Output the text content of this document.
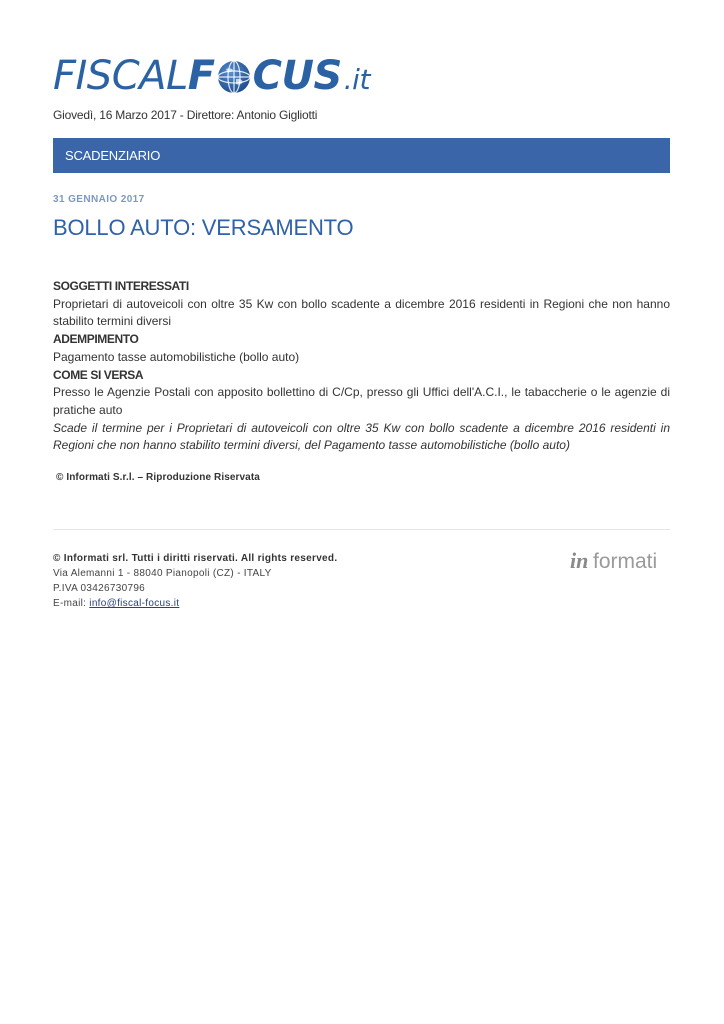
FISCAL F CUS .it
Giovedì, 16 Marzo 2017 - Direttore: Antonio Gigliotti
SCADENZIARIO
31 GENNAIO 2017
BOLLO AUTO: VERSAMENTO

SOGGETTI INTERESSATI

Proprietari di autoveicoli con oltre 35 Kw con bollo scadente a dicembre 2016 residenti in Regioni che non hanno stabilito termini diversi

ADEMPIMENTO

Pagamento tasse automobilistiche (bollo auto)

COME SI VERSA

Presso le Agenzie Postali con apposito bollettino di C/Cp, presso gli Uffici dell'A.C.I., le tabaccherie o le agenzie di pratiche auto

Scade il termine per i Proprietari di autoveicoli con oltre 35 Kw con bollo scadente a dicembre 2016 residenti in Regioni che non hanno stabilito termini diversi, del Pagamento tasse automobilistiche (bollo auto)

© Informati S.r.l. – Riproduzione Riservata
© Informati srl. Tutti i diritti riservati. All rights reserved.
Via Alemanni 1 - 88040 Pianopoli (CZ) - ITALY
P.IVA 03426730796
E-mail: info@fiscal-focus.it
in formati
